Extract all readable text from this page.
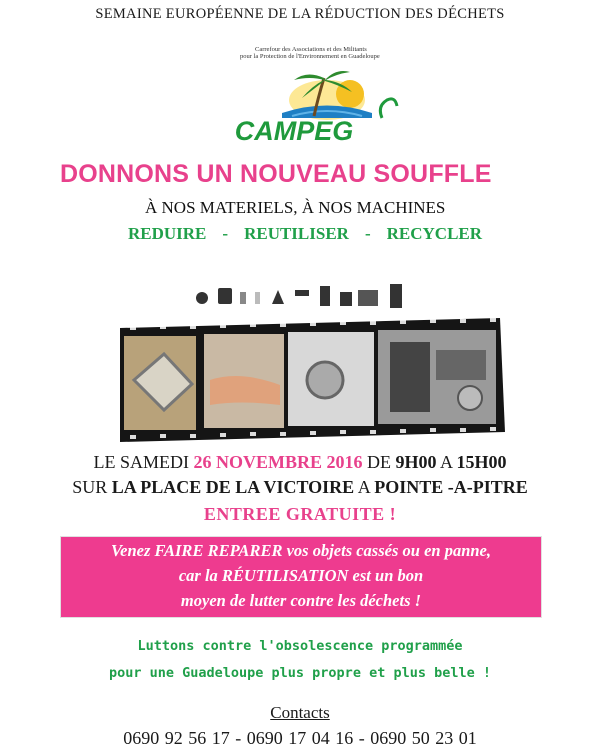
SEMAINE EUROPÉENNE DE LA RÉDUCTION DES DÉCHETS
Carrefour des Associations et des Militants
pour la Protection de l'Environnement en Guadeloupe
CAMPEG
DONNONS UN NOUVEAU SOUFFLE
À NOS MATERIELS, À NOS MACHINES
REDUIRE - REUTILISER - RECYCLER
LE SAMEDI 26 NOVEMBRE 2016 DE 9H00 A 15H00
SUR LA PLACE DE LA VICTOIRE A POINTE -A-PITRE
ENTREE GRATUITE !
Venez FAIRE REPARER vos objets cassés ou en panne,
car la RÉUTILISATION est un bon
moyen de lutter contre les déchets !
Luttons contre l'obsolescence programmée
pour une Guadeloupe plus propre et plus belle !
Contacts
0690 92 56 17 - 0690 17 04 16 - 0690 50 23 01
